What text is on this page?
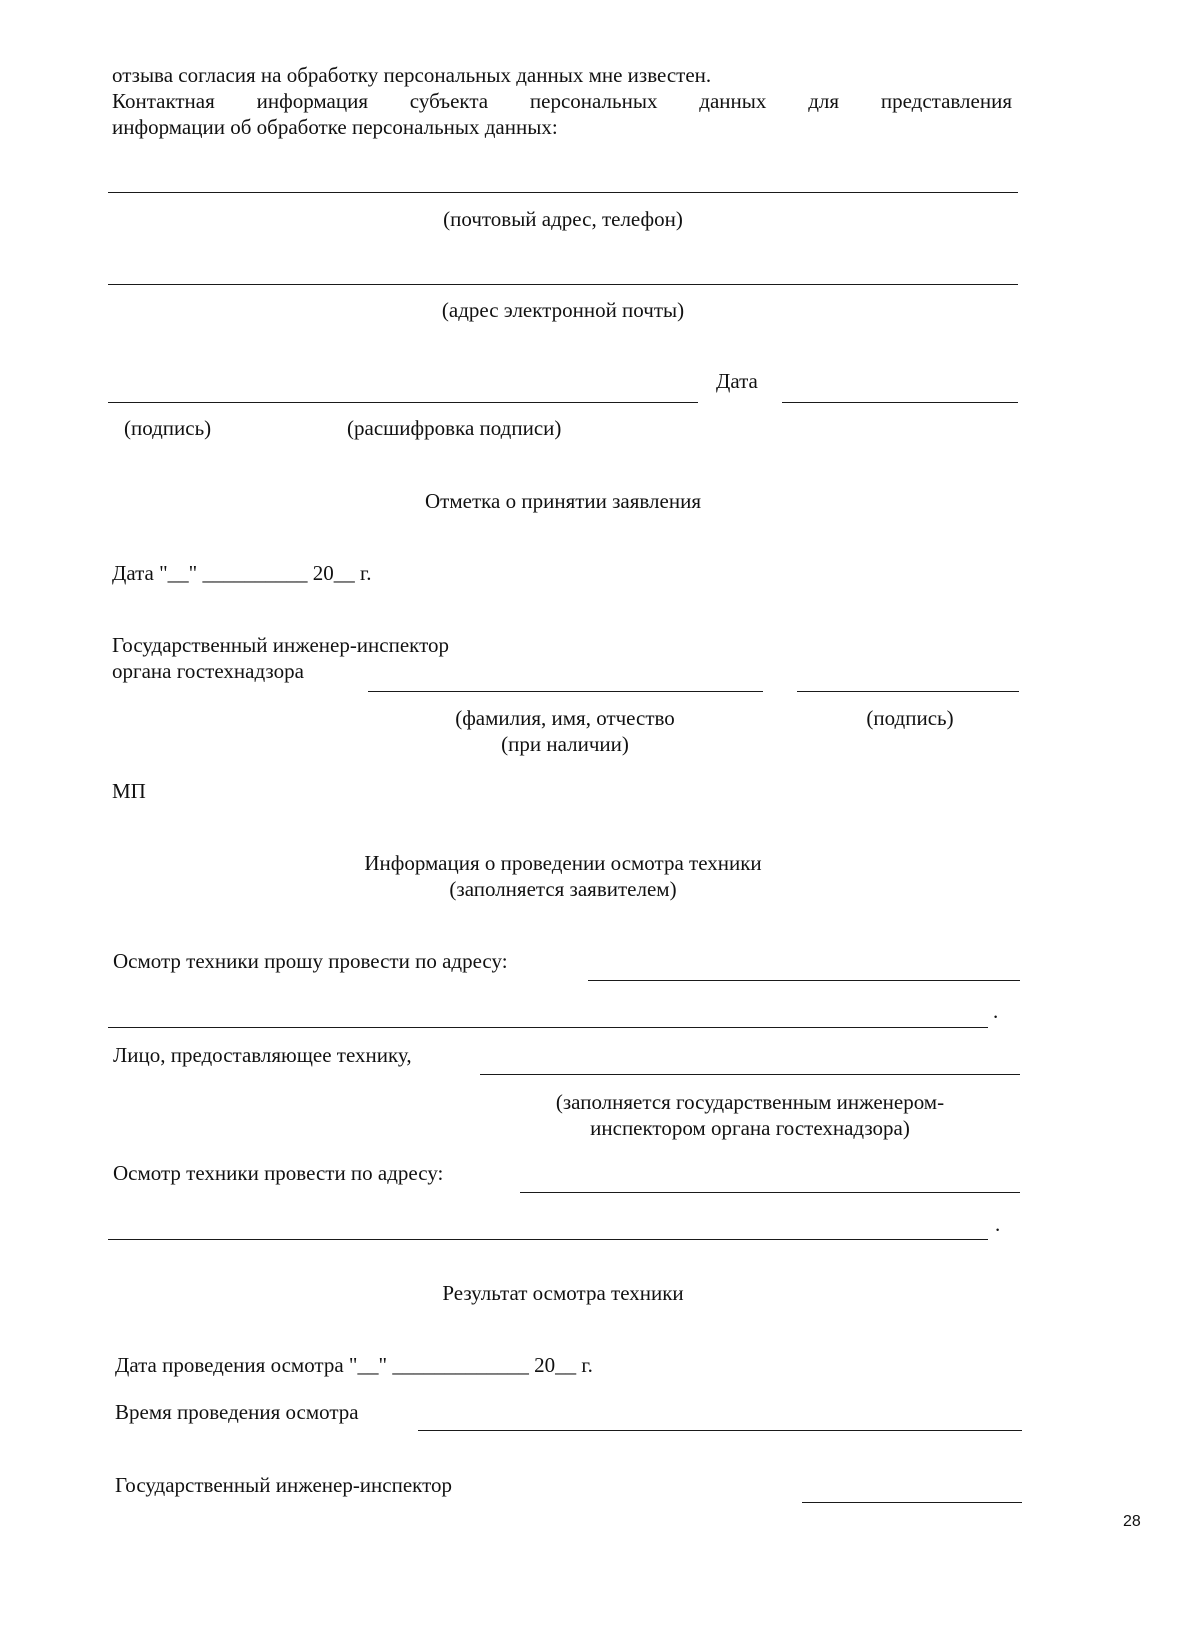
отзыва согласия на обработку персональных данных мне известен.
Контактная информация субъекта персональных данных для представления
информации об обработке персональных данных:
(почтовый адрес, телефон)
(адрес электронной почты)
Дата
(подпись)	(расшифровка подписи)
Отметка о принятии заявления
Дата "__" __________ 20__ г.
Государственный инженер-инспектор
органа гостехнадзора
(фамилия, имя, отчество
(при наличии)
(подпись)
МП
Информация о проведении осмотра техники
(заполняется заявителем)
Осмотр техники прошу провести по адресу:
.
Лицо, предоставляющее технику,
(заполняется государственным инженером-
инспектором органа гостехнадзора)
Осмотр техники провести по адресу:
.
Результат осмотра техники
Дата проведения осмотра "__" _____________ 20__ г.
Время проведения осмотра
Государственный инженер-инспектор
28
